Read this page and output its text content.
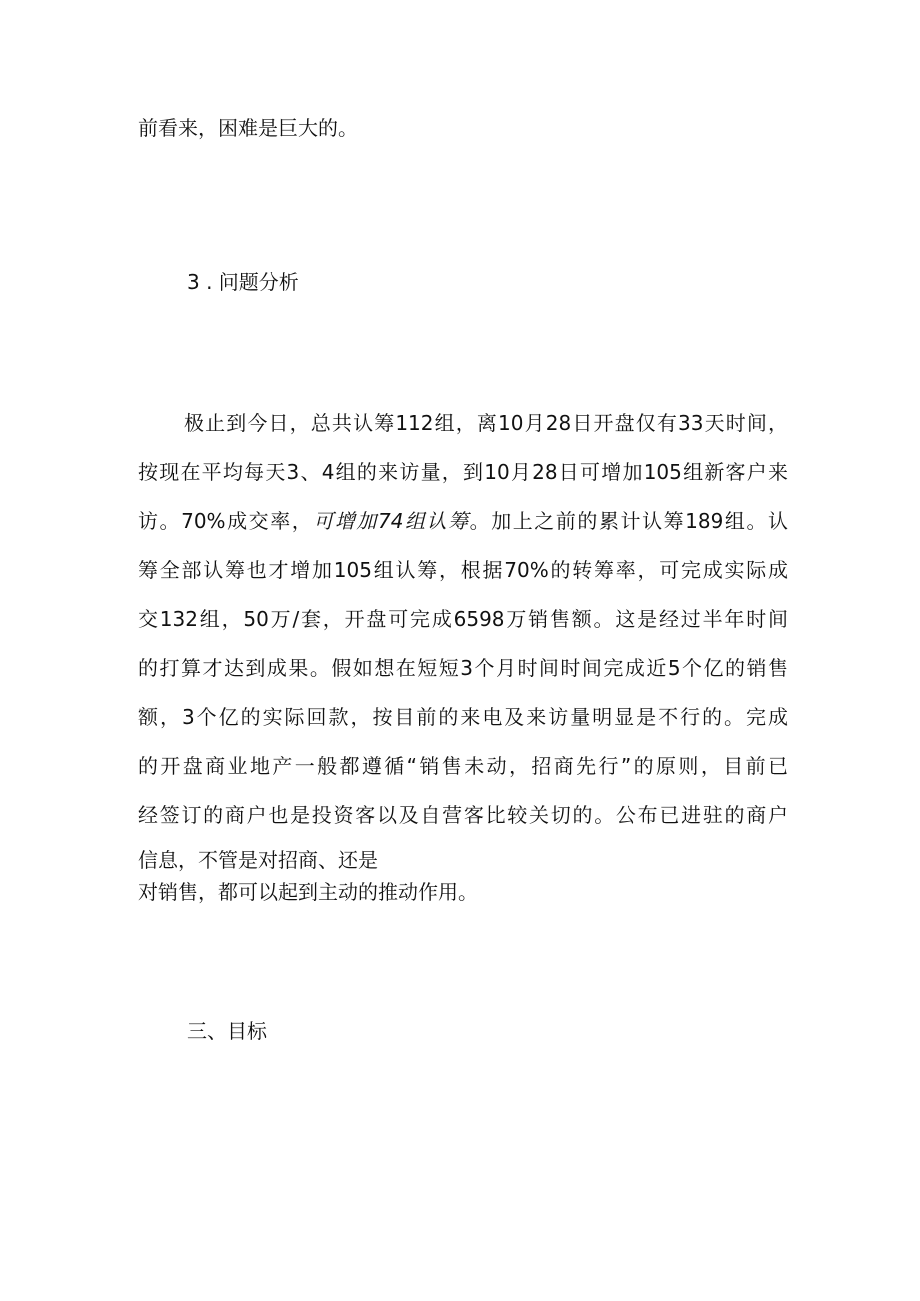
前看来，困难是巨大的。
3 . 问题分析
极止到今日，总共认筹112组，离10月28日开盘仅有33天时间，
按现在平均每天3、4组的来访量，到10月28日可增加105组新客户来
访。70%成交率，可增加74组认筹。加上之前的累计认筹189组。认
筹全部认筹也才增加105组认筹，根据70%的转筹率，可完成实际成
交132组，50万/套，开盘可完成6598万销售额。这是经过半年时间
的打算才达到成果。假如想在短短3个月时间时间完成近5个亿的销售
额，3个亿的实际回款，按目前的来电及来访量明显是不行的。完成
的开盘商业地产一般都遵循“销售未动，招商先行”的原则，目前已
经签订的商户也是投资客以及自营客比较关切的。公布已进驻的商户
信息，不管是对招商、还是
对销售，都可以起到主动的推动作用。
三、目标
